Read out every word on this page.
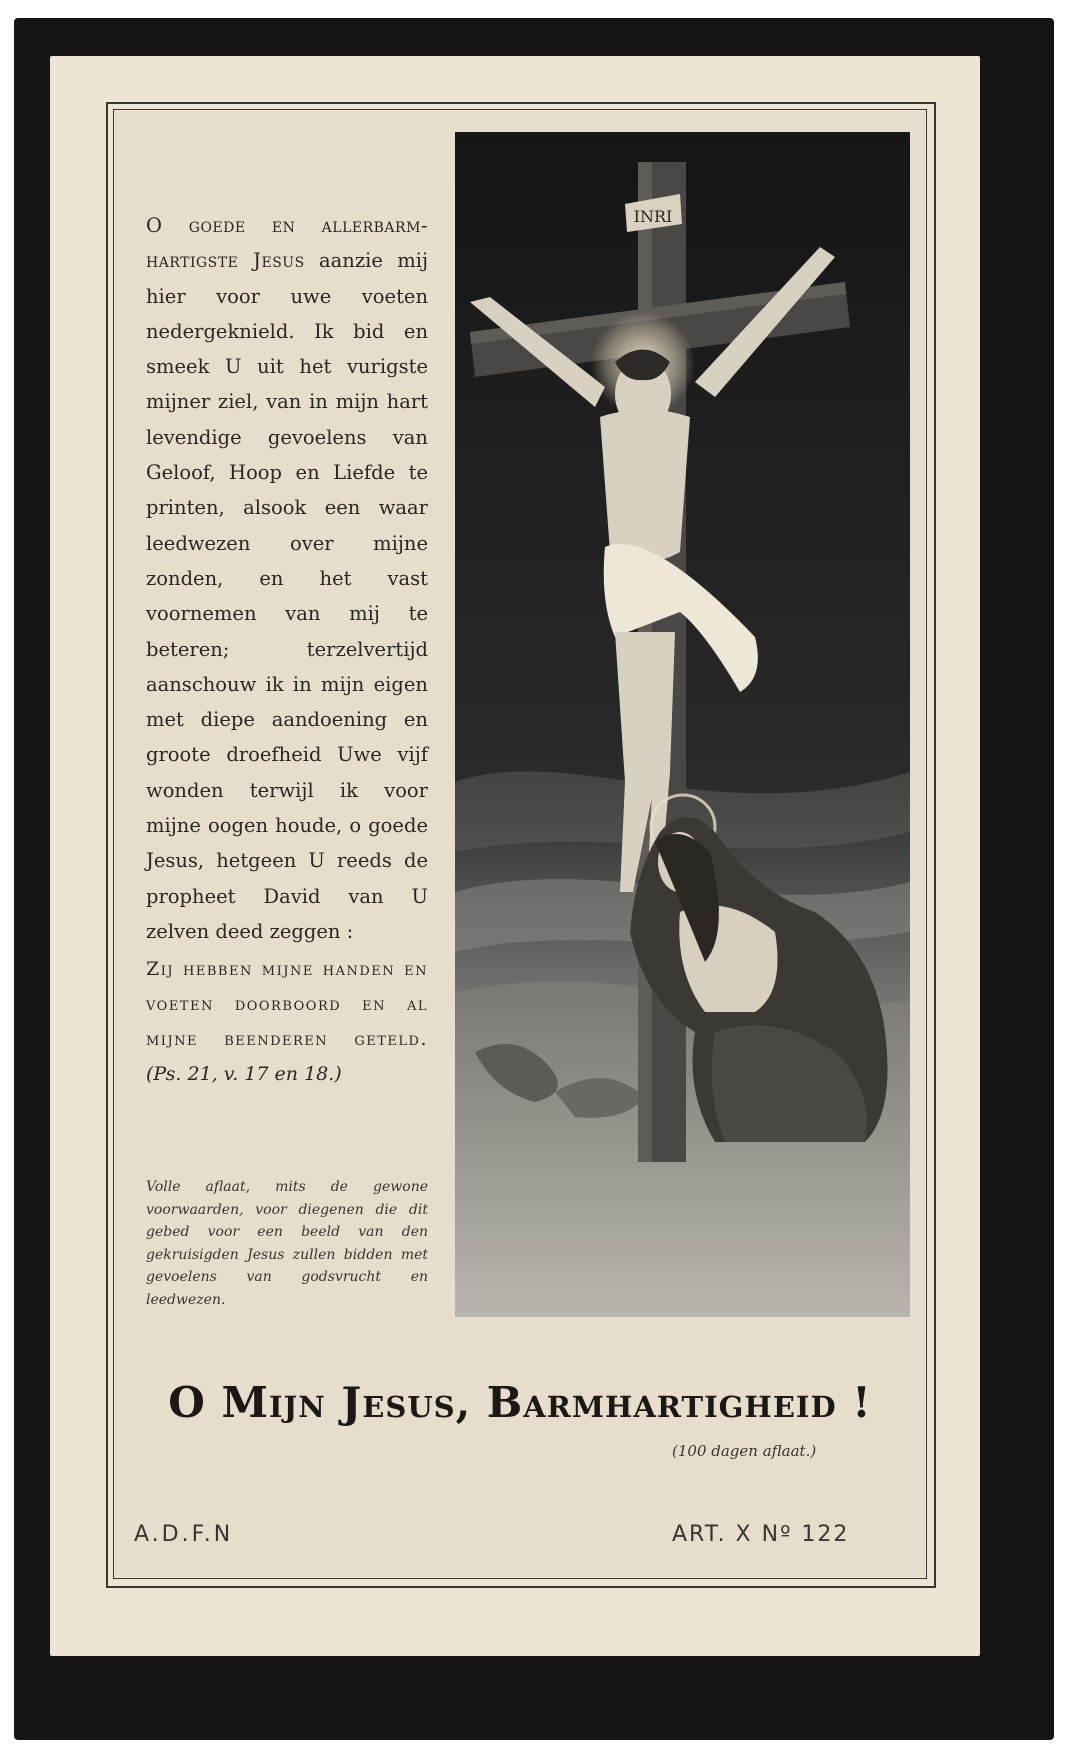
O goede en allerbarm-hartigste Jesus aanzie mij hier voor uwe voeten nedergeknield. Ik bid en smeek U uit het vurigste mijner ziel, van in mijn hart levendige gevoelens van Geloof, Hoop en Liefde te printen, alsook een waar leedwezen over mijne zonden, en het vast voornemen van mij te beteren; terzelvertijd aanschouw ik in mijn eigen met diepe aandoening en groote droefheid Uwe vijf wonden terwijl ik voor mijne oogen houde, o goede Jesus, hetgeen U reeds de propheet David van U zelven deed zeggen :

Zij hebben mijne handen en voeten doorboord en al mijne beenderen geteld. (Ps. 21, v. 17 en 18.)

Volle aflaat, mits de gewone voorwaarden, voor diegenen die dit gebed voor een beeld van den gekruisigden Jesus zullen bidden met gevoelens van godsvrucht en leedwezen.

INRI
O Mijn Jesus, Barmhartigheid !
(100 dagen aflaat.)
A.D.F.N	ART. X Nº 122
